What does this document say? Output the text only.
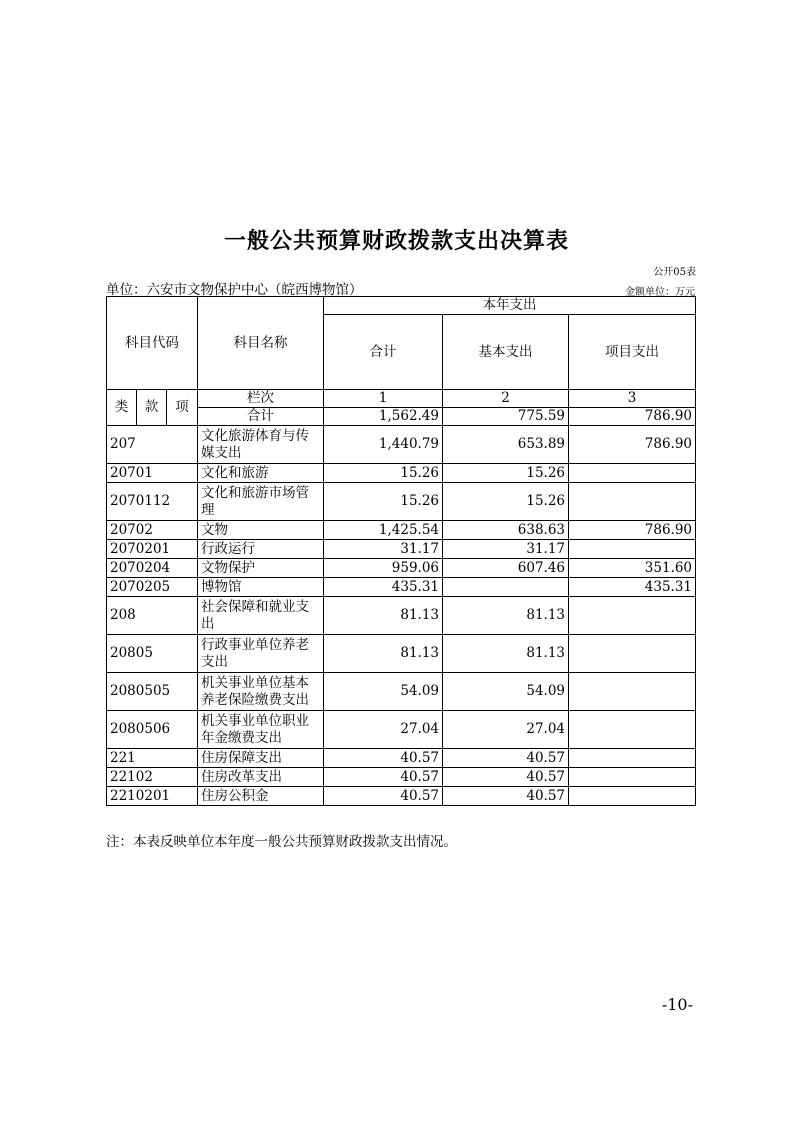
一般公共预算财政拨款支出决算表
公开05表
单位：六安市文物保护中心（皖西博物馆）	金额单位：万元
科目代码			科目名称	本年支出		
				合计	基本支出	项目支出
类	款	项	栏次	1	2	3
			合计	1,562.49	775.59	786.90
207			文化旅游体育与传媒支出	1,440.79	653.89	786.90
20701			文化和旅游	15.26	15.26	
2070112			文化和旅游市场管理	15.26	15.26	
20702			文物	1,425.54	638.63	786.90
2070201			行政运行	31.17	31.17	
2070204			文物保护	959.06	607.46	351.60
2070205			博物馆	435.31		435.31
208			社会保障和就业支出	81.13	81.13	
20805			行政事业单位养老支出	81.13	81.13	
2080505			机关事业单位基本养老保险缴费支出	54.09	54.09	
2080506			机关事业单位职业年金缴费支出	27.04	27.04	
221			住房保障支出	40.57	40.57	
22102			住房改革支出	40.57	40.57	
2210201			住房公积金	40.57	40.57	
注：本表反映单位本年度一般公共预算财政拨款支出情况。
-10-
